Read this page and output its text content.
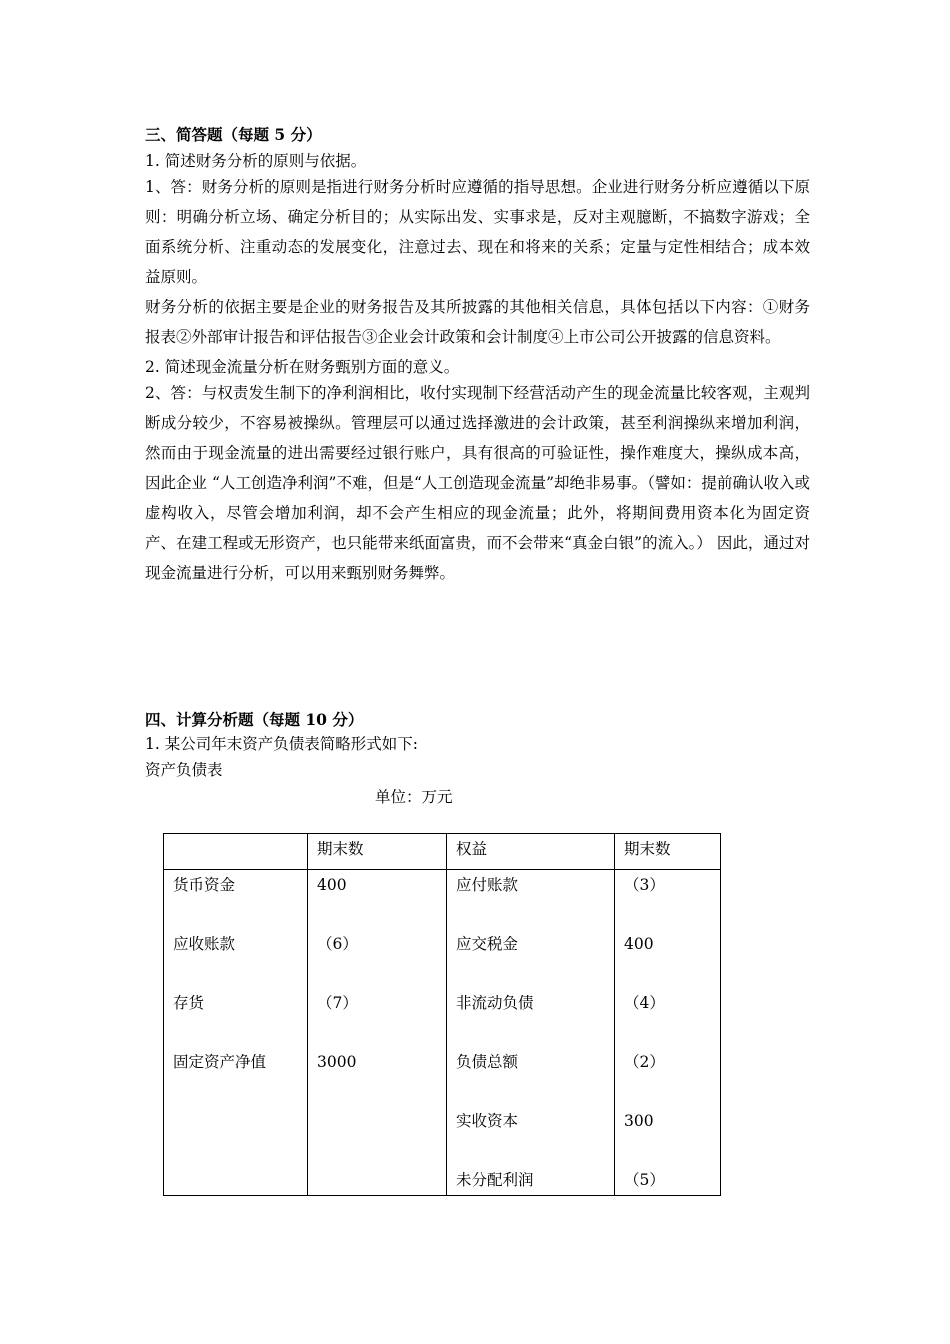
三、简答题（每题 5 分）

1. 简述财务分析的原则与依据。

1、答：财务分析的原则是指进行财务分析时应遵循的指导思想。企业进行财务分析应遵循以下原则：明确分析立场、确定分析目的；从实际出发、实事求是，反对主观臆断，不搞数字游戏；全面系统分析、注重动态的发展变化，注意过去、现在和将来的关系；定量与定性相结合；成本效益原则。

财务分析的依据主要是企业的财务报告及其所披露的其他相关信息，具体包括以下内容：①财务报表②外部审计报告和评估报告③企业会计政策和会计制度④上市公司公开披露的信息资料。

2. 简述现金流量分析在财务甄别方面的意义。

2、答：与权责发生制下的净利润相比，收付实现制下经营活动产生的现金流量比较客观，主观判断成分较少，不容易被操纵。管理层可以通过选择激进的会计政策，甚至利润操纵来增加利润，然而由于现金流量的进出需要经过银行账户，具有很高的可验证性，操作难度大，操纵成本高，因此企业 “人工创造净利润”不难，但是“人工创造现金流量”却绝非易事。（譬如：提前确认收入或虚构收入，尽管会增加利润，却不会产生相应的现金流量；此外，将期间费用资本化为固定资产、在建工程或无形资产，也只能带来纸面富贵，而不会带来“真金白银”的流入。） 因此，通过对现金流量进行分析，可以用来甄别财务舞弊。

四、计算分析题（每题 10 分）

1. 某公司年末资产负债表简略形式如下:

资产负债表

单位：万元
	期末数	权益	期末数
货币资金	400	应付账款	（3）
应收账款	（6）	应交税金	400
存货	（7）	非流动负债	（4）
固定资产净值	3000	负债总额	（2）
		实收资本	300
		未分配利润	（5）
